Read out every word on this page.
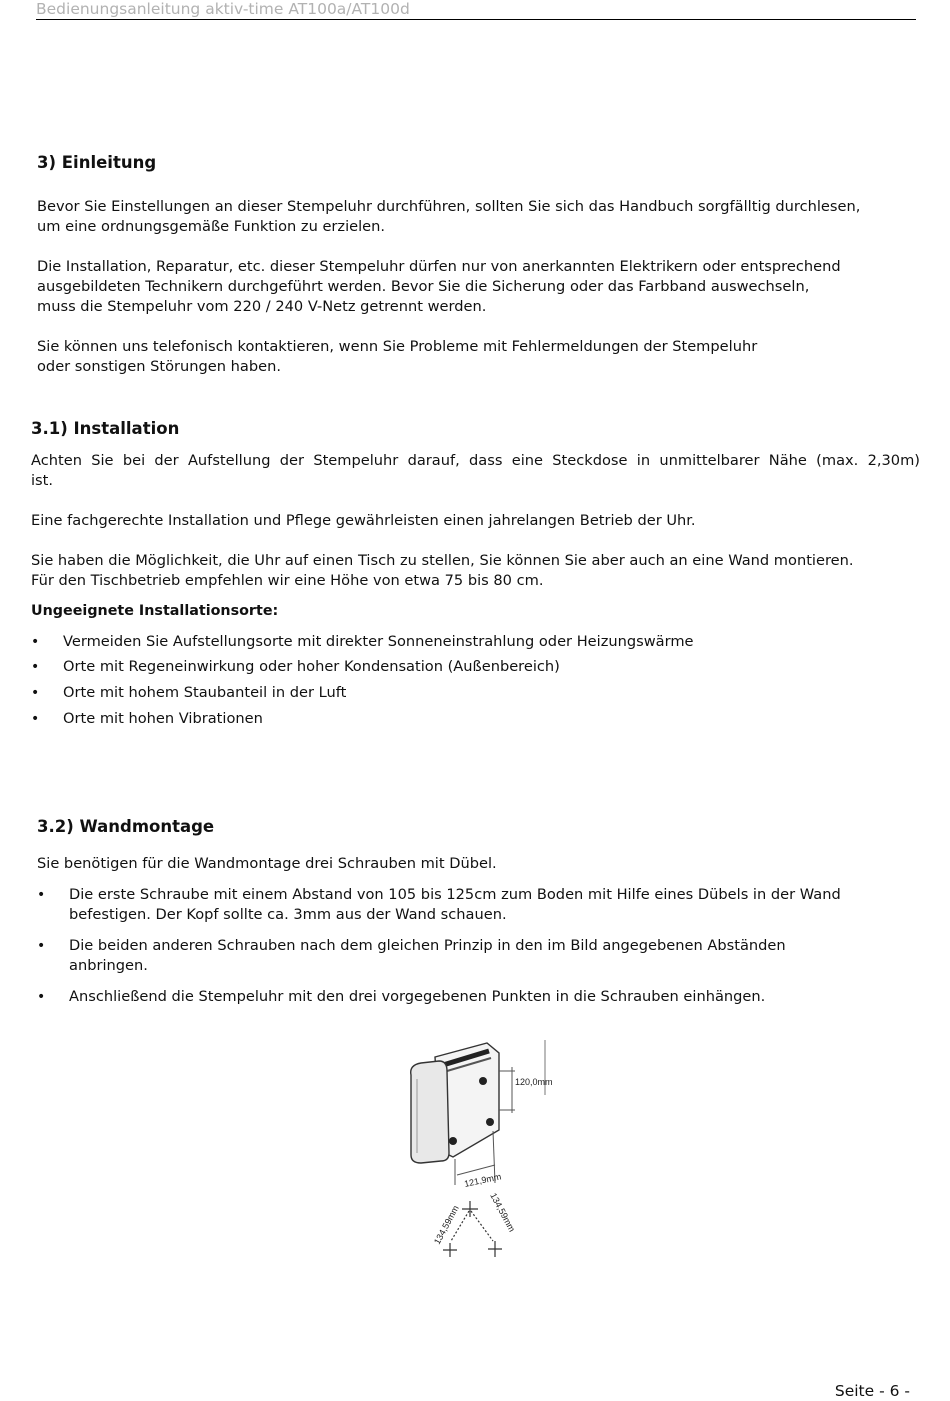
Bedienungsanleitung aktiv-time AT100a/AT100d
3) Einleitung
Bevor Sie Einstellungen an dieser Stempeluhr durchführen, sollten Sie sich das Handbuch sorgfälltig durchlesen,
um eine ordnungsgemäße Funktion zu erzielen.
Die Installation, Reparatur, etc. dieser Stempeluhr dürfen nur von anerkannten Elektrikern oder entsprechend
ausgebildeten Technikern durchgeführt werden. Bevor Sie die Sicherung oder das Farbband auswechseln,
muss die Stempeluhr vom 220 / 240 V-Netz getrennt werden.
Sie können uns telefonisch kontaktieren, wenn Sie Probleme mit Fehlermeldungen der Stempeluhr
oder sonstigen Störungen haben.
3.1) Installation
Achten Sie bei der Aufstellung der Stempeluhr darauf, dass eine Steckdose in unmittelbarer Nähe (max. 2,30m)
ist.
Eine fachgerechte Installation und Pflege gewährleisten einen jahrelangen Betrieb der Uhr.
Sie haben die Möglichkeit, die Uhr auf einen Tisch zu stellen, Sie können Sie aber auch an eine Wand montieren.
Für den Tischbetrieb empfehlen wir eine Höhe von etwa 75 bis 80 cm.
Ungeeignete Installationsorte:
• Vermeiden Sie Aufstellungsorte mit direkter Sonneneinstrahlung oder Heizungswärme
• Orte mit Regeneinwirkung oder hoher Kondensation (Außenbereich)
• Orte mit hohem Staubanteil in der Luft
• Orte mit hohen Vibrationen
3.2) Wandmontage
Sie benötigen für die Wandmontage drei Schrauben mit Dübel.
• Die erste Schraube mit einem Abstand von 105 bis 125cm zum Boden mit Hilfe eines Dübels in der Wand
befestigen. Der Kopf sollte ca. 3mm aus der Wand schauen.
• Die beiden anderen Schrauben nach dem gleichen Prinzip in den im Bild angegebenen Abständen
anbringen.
• Anschließend die Stempeluhr mit den drei vorgegebenen Punkten in die Schrauben einhängen.
120,0mm
121,9mm
134,59mm	134,59mm
Seite - 6 -
